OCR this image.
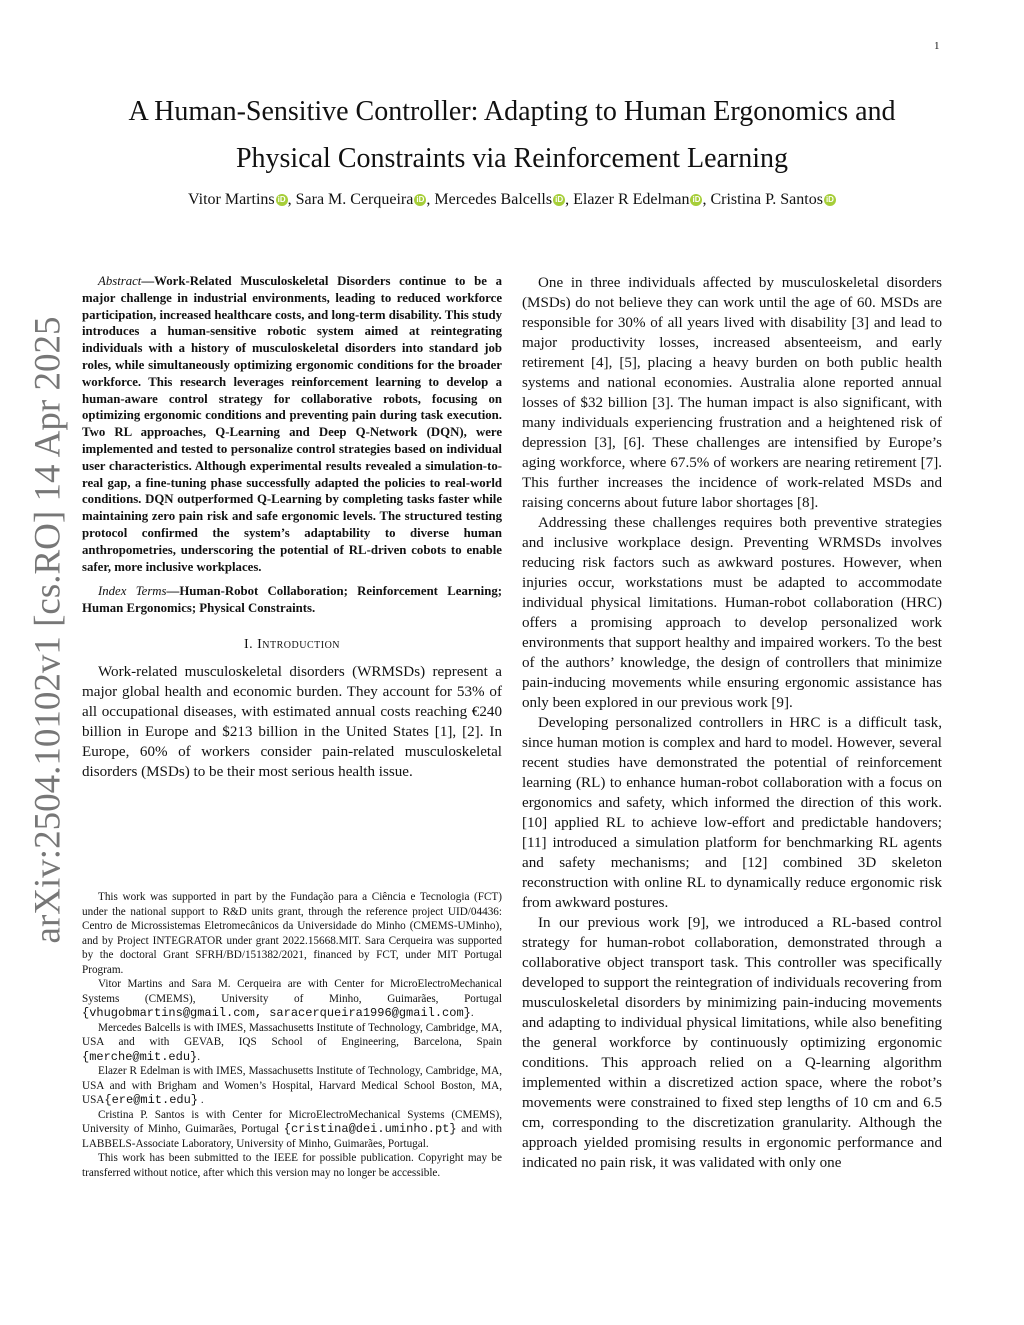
1
arXiv:2504.10102v1 [cs.RO] 14 Apr 2025
A Human-Sensitive Controller: Adapting to Human Ergonomics and
Physical Constraints via Reinforcement Learning
Vitor Martins iD , Sara M. Cerqueira iD , Mercedes Balcells iD , Elazer R Edelman iD , Cristina P. Santos iD

Abstract—Work-Related Musculoskeletal Disorders continue to be a major challenge in industrial environments, leading to reduced workforce participation, increased healthcare costs, and long-term disability. This study introduces a human-sensitive robotic system aimed at reintegrating individuals with a history of musculoskeletal disorders into standard job roles, while simultaneously optimizing ergonomic conditions for the broader workforce. This research leverages reinforcement learning to develop a human-aware control strategy for collaborative robots, focusing on optimizing ergonomic conditions and preventing pain during task execution. Two RL approaches, Q-Learning and Deep Q-Network (DQN), were implemented and tested to personalize control strategies based on individual user characteristics. Although experimental results revealed a simulation-to-real gap, a fine-tuning phase successfully adapted the policies to real-world conditions. DQN outperformed Q-Learning by completing tasks faster while maintaining zero pain risk and safe ergonomic levels. The structured testing protocol confirmed the system’s adaptability to diverse human anthropometries, underscoring the potential of RL-driven cobots to enable safer, more inclusive workplaces.

Index Terms—Human-Robot Collaboration; Reinforcement Learning; Human Ergonomics; Physical Constraints.

I. Introduction

Work-related musculoskeletal disorders (WRMSDs) represent a major global health and economic burden. They account for 53% of all occupational diseases, with estimated annual costs reaching €240 billion in Europe and $213 billion in the United States [1], [2]. In Europe, 60% of workers consider pain-related musculoskeletal disorders (MSDs) to be their most serious health issue.

This work was supported in part by the Fundação para a Ciência e Tecnologia (FCT) under the national support to R&D units grant, through the reference project UID/04436: Centro de Microssistemas Eletromecânicos da Universidade do Minho (CMEMS-UMinho), and by Project INTEGRATOR under grant 2022.15668.MIT. Sara Cerqueira was supported by the doctoral Grant SFRH/BD/151382/2021, financed by FCT, under MIT Portugal Program.

Vitor Martins and Sara M. Cerqueira are with Center for MicroElectroMechanical Systems (CMEMS), University of Minho, Guimarães, Portugal {vhugobmartins@gmail.com, saracerqueira1996@gmail.com}.

Mercedes Balcells is with IMES, Massachusetts Institute of Technology, Cambridge, MA, USA and with GEVAB, IQS School of Engineering, Barcelona, Spain {merche@mit.edu}.

Elazer R Edelman is with IMES, Massachusetts Institute of Technology, Cambridge, MA, USA and with Brigham and Women’s Hospital, Harvard Medical School Boston, MA, USA{ere@mit.edu} .

Cristina P. Santos is with Center for MicroElectroMechanical Systems (CMEMS), University of Minho, Guimarães, Portugal {cristina@dei.uminho.pt} and with LABBELS-Associate Laboratory, University of Minho, Guimarães, Portugal.

This work has been submitted to the IEEE for possible publication. Copyright may be transferred without notice, after which this version may no longer be accessible.

One in three individuals affected by musculoskeletal disorders (MSDs) do not believe they can work until the age of 60. MSDs are responsible for 30% of all years lived with disability [3] and lead to major productivity losses, increased absenteeism, and early retirement [4], [5], placing a heavy burden on both public health systems and national economies. Australia alone reported annual losses of $32 billion [3]. The human impact is also significant, with many individuals experiencing frustration and a heightened risk of depression [3], [6]. These challenges are intensified by Europe’s aging workforce, where 67.5% of workers are nearing retirement [7]. This further increases the incidence of work-related MSDs and raising concerns about future labor shortages [8].

Addressing these challenges requires both preventive strategies and inclusive workplace design. Preventing WRMSDs involves reducing risk factors such as awkward postures. However, when injuries occur, workstations must be adapted to accommodate individual physical limitations. Human-robot collaboration (HRC) offers a promising approach to develop personalized work environments that support healthy and impaired workers. To the best of the authors’ knowledge, the design of controllers that minimize pain-inducing movements while ensuring ergonomic assistance has only been explored in our previous work [9].

Developing personalized controllers in HRC is a difficult task, since human motion is complex and hard to model. However, several recent studies have demonstrated the potential of reinforcement learning (RL) to enhance human-robot collaboration with a focus on ergonomics and safety, which informed the direction of this work. [10] applied RL to achieve low-effort and predictable handovers; [11] introduced a simulation platform for benchmarking RL agents and safety mechanisms; and [12] combined 3D skeleton reconstruction with online RL to dynamically reduce ergonomic risk from awkward postures.

In our previous work [9], we introduced a RL-based control strategy for human-robot collaboration, demonstrated through a collaborative object transport task. This controller was specifically developed to support the reintegration of individuals recovering from musculoskeletal disorders by minimizing pain-inducing movements and adapting to individual physical limitations, while also benefiting the general workforce by continuously optimizing ergonomic conditions. This approach relied on a Q-learning algorithm implemented within a discretized action space, where the robot’s movements were constrained to fixed step lengths of 10 cm and 6.5 cm, corresponding to the discretization granularity. Although the approach yielded promising results in ergonomic performance and indicated no pain risk, it was validated with only one
